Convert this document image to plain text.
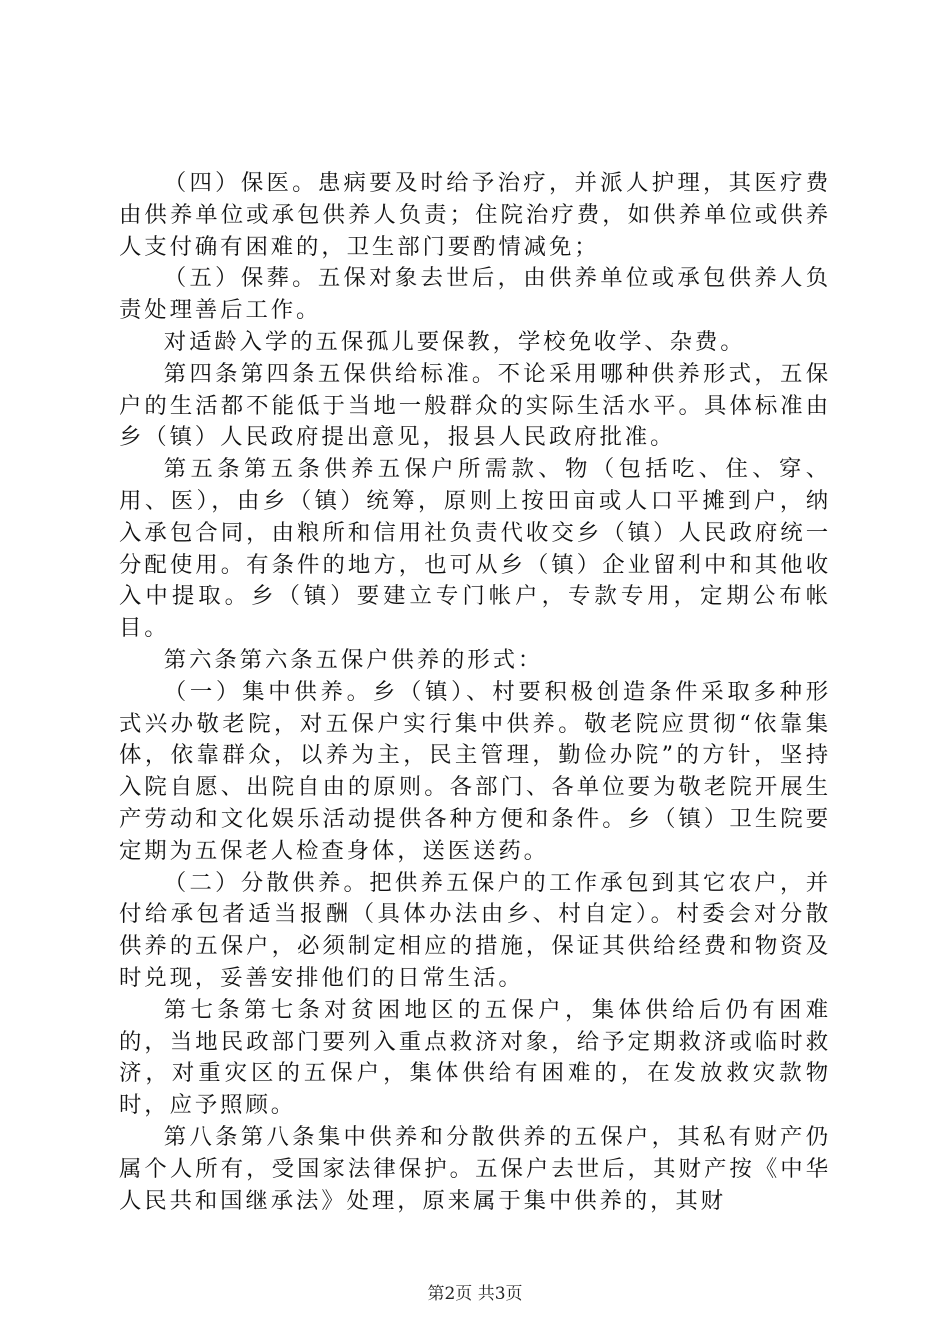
（四）保医。患病要及时给予治疗，并派人护理，其医疗费由供养单位或承包供养人负责；住院治疗费，如供养单位或供养人支付确有困难的，卫生部门要酌情减免；

（五）保葬。五保对象去世后，由供养单位或承包供养人负责处理善后工作。

对适龄入学的五保孤儿要保教，学校免收学、杂费。

第四条第四条五保供给标准。不论采用哪种供养形式，五保户的生活都不能低于当地一般群众的实际生活水平。具体标准由乡（镇）人民政府提出意见，报县人民政府批准。

第五条第五条供养五保户所需款、物（包括吃、住、穿、用、医），由乡（镇）统筹，原则上按田亩或人口平摊到户，纳入承包合同，由粮所和信用社负责代收交乡（镇）人民政府统一分配使用。有条件的地方，也可从乡（镇）企业留利中和其他收入中提取。乡（镇）要建立专门帐户，专款专用，定期公布帐目。

第六条第六条五保户供养的形式：

（一）集中供养。乡（镇）、村要积极创造条件采取多种形式兴办敬老院，对五保户实行集中供养。敬老院应贯彻“依靠集体，依靠群众，以养为主，民主管理，勤俭办院”的方针，坚持入院自愿、出院自由的原则。各部门、各单位要为敬老院开展生产劳动和文化娱乐活动提供各种方便和条件。乡（镇）卫生院要定期为五保老人检查身体，送医送药。

（二）分散供养。把供养五保户的工作承包到其它农户，并付给承包者适当报酬（具体办法由乡、村自定）。村委会对分散供养的五保户，必须制定相应的措施，保证其供给经费和物资及时兑现，妥善安排他们的日常生活。

第七条第七条对贫困地区的五保户，集体供给后仍有困难的，当地民政部门要列入重点救济对象，给予定期救济或临时救济，对重灾区的五保户，集体供给有困难的，在发放救灾款物时，应予照顾。

第八条第八条集中供养和分散供养的五保户，其私有财产仍属个人所有，受国家法律保护。五保户去世后，其财产按《中华人民共和国继承法》处理，原来属于集中供养的，其财

第2页 共3页
